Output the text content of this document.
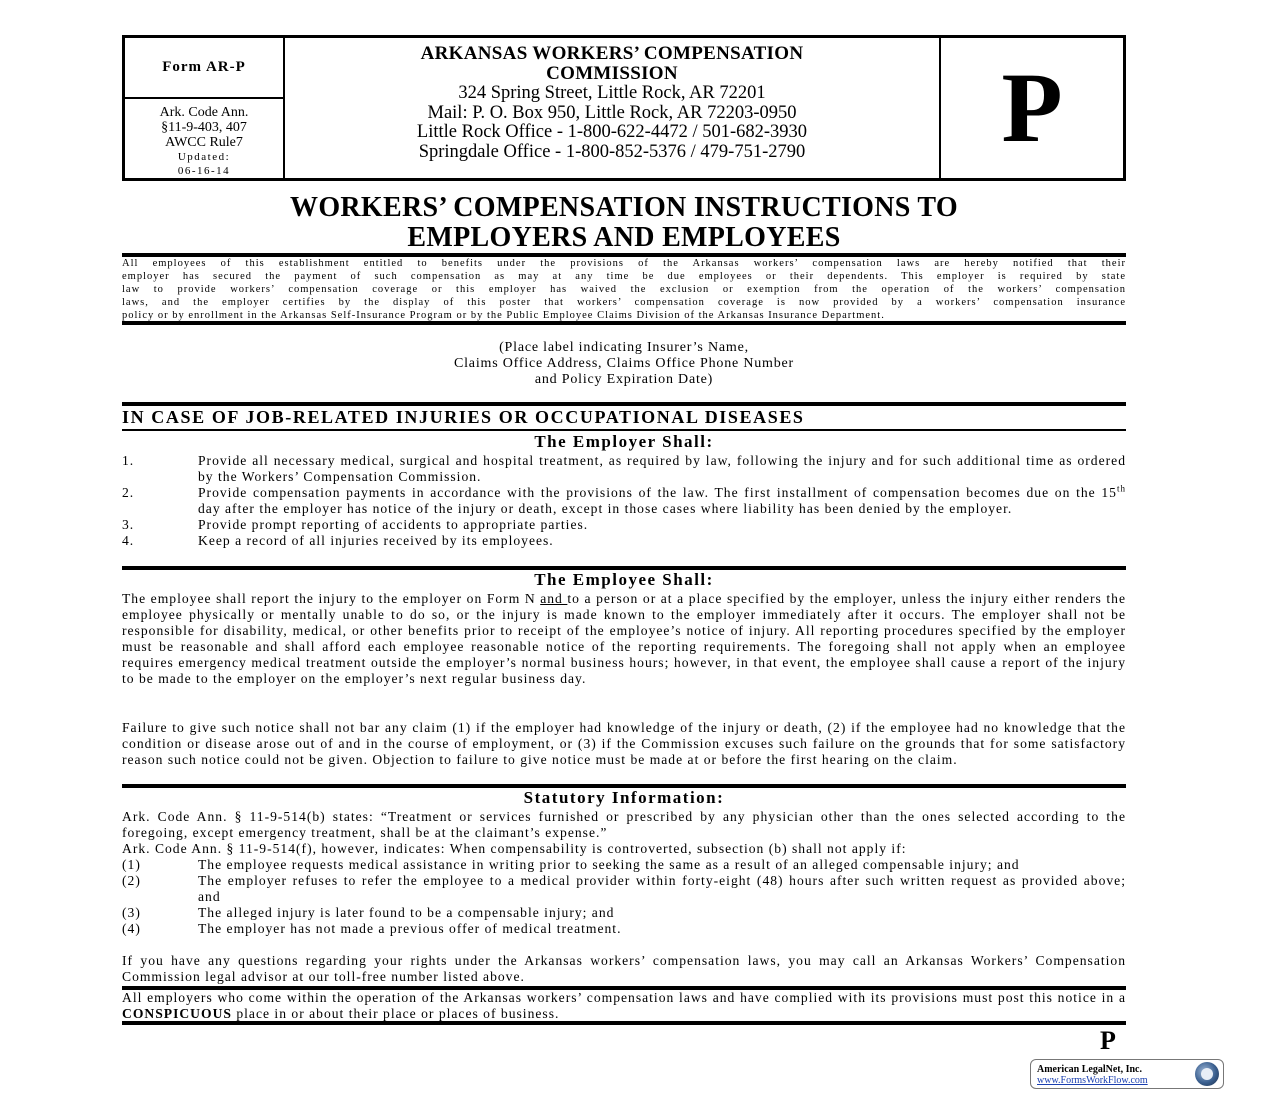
Form AR-P
Ark. Code Ann.
§11-9-403, 407
AWCC Rule7
Updated:
06-16-14
ARKANSAS WORKERS’ COMPENSATION
COMMISSION
324 Spring Street, Little Rock, AR 72201
Mail: P. O. Box 950, Little Rock, AR 72203-0950
Little Rock Office - 1-800-622-4472 / 501-682-3930
Springdale Office - 1-800-852-5376 / 479-751-2790	P
WORKERS’ COMPENSATION INSTRUCTIONS TO
EMPLOYERS AND EMPLOYEES
All employees of this establishment entitled to benefits under the provisions of the Arkansas workers’ compensation laws are hereby notified that their
employer has secured the payment of such compensation as may at any time be due employees or their dependents. This employer is required by state
law to provide workers’ compensation coverage or this employer has waived the exclusion or exemption from the operation of the workers’ compensation
laws, and the employer certifies by the display of this poster that workers’ compensation coverage is now provided by a workers’ compensation insurance
policy or by enrollment in the Arkansas Self-Insurance Program or by the Public Employee Claims Division of the Arkansas Insurance Department.
(Place label indicating Insurer’s Name,
Claims Office Address, Claims Office Phone Number
and Policy Expiration Date)
IN CASE OF JOB-RELATED INJURIES OR OCCUPATIONAL DISEASES
The Employer Shall:
1.	Provide all necessary medical, surgical and hospital treatment, as required by law, following the injury and for such additional time as ordered by the Workers’ Compensation Commission.
2.	Provide compensation payments in accordance with the provisions of the law. The first installment of compensation becomes due on the 15th day after the employer has notice of the injury or death, except in those cases where liability has been denied by the employer.
3.	Provide prompt reporting of accidents to appropriate parties.
4.	Keep a record of all injuries received by its employees.
The Employee Shall:
The employee shall report the injury to the employer on Form N and to a person or at a place specified by the employer, unless the injury either renders the employee physically or mentally unable to do so, or the injury is made known to the employer immediately after it occurs. The employer shall not be responsible for disability, medical, or other benefits prior to receipt of the employee’s notice of injury. All reporting procedures specified by the employer must be reasonable and shall afford each employee reasonable notice of the reporting requirements. The foregoing shall not apply when an employee requires emergency medical treatment outside the employer’s normal business hours; however, in that event, the employee shall cause a report of the injury to be made to the employer on the employer’s next regular business day.
Failure to give such notice shall not bar any claim (1) if the employer had knowledge of the injury or death, (2) if the employee had no knowledge that the condition or disease arose out of and in the course of employment, or (3) if the Commission excuses such failure on the grounds that for some satisfactory reason such notice could not be given. Objection to failure to give notice must be made at or before the first hearing on the claim.
Statutory Information:
Ark. Code Ann. § 11-9-514(b) states: “Treatment or services furnished or prescribed by any physician other than the ones selected according to the foregoing, except emergency treatment, shall be at the claimant’s expense.”
Ark. Code Ann. § 11-9-514(f), however, indicates: When compensability is controverted, subsection (b) shall not apply if:
(1)	The employee requests medical assistance in writing prior to seeking the same as a result of an alleged compensable injury; and
(2)	The employer refuses to refer the employee to a medical provider within forty-eight (48) hours after such written request as provided above; and
(3)	The alleged injury is later found to be a compensable injury; and
(4)	The employer has not made a previous offer of medical treatment.
If you have any questions regarding your rights under the Arkansas workers’ compensation laws, you may call an Arkansas Workers’ Compensation Commission legal advisor at our toll-free number listed above.
All employers who come within the operation of the Arkansas workers’ compensation laws and have complied with its provisions must post this notice in a CONSPICUOUS place in or about their place or places of business.
P
American LegalNet, Inc.
www.FormsWorkFlow.com
